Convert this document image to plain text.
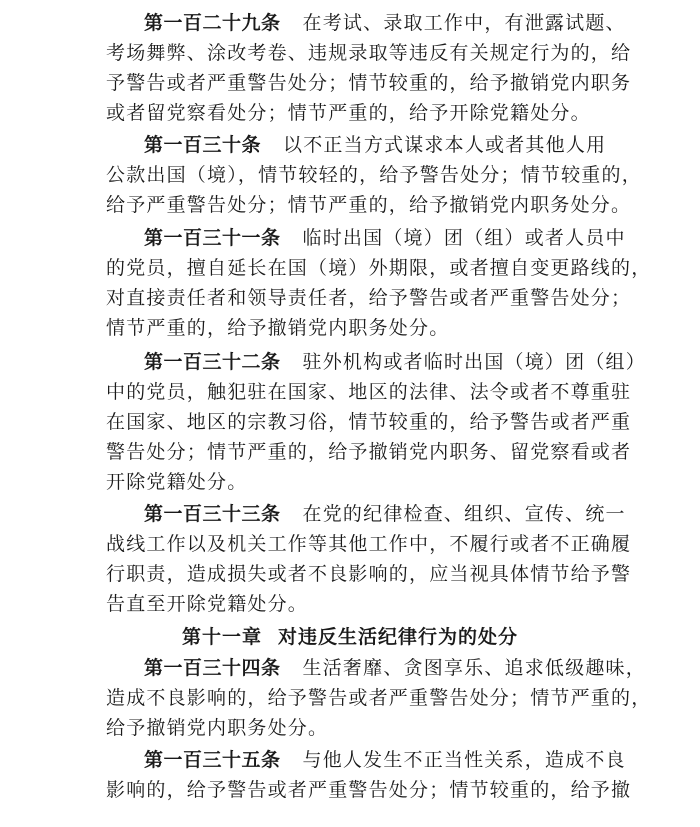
第一百二十九条 在考试、录取工作中，有泄露试题、
考场舞弊、涂改考卷、违规录取等违反有关规定行为的，给
予警告或者严重警告处分；情节较重的，给予撤销党内职务
或者留党察看处分；情节严重的，给予开除党籍处分。
第一百三十条 以不正当方式谋求本人或者其他人用
公款出国（境），情节较轻的，给予警告处分；情节较重的，
给予严重警告处分；情节严重的，给予撤销党内职务处分。
第一百三十一条 临时出国（境）团（组）或者人员中
的党员，擅自延长在国（境）外期限，或者擅自变更路线的，
对直接责任者和领导责任者，给予警告或者严重警告处分；
情节严重的，给予撤销党内职务处分。
第一百三十二条 驻外机构或者临时出国（境）团（组）
中的党员，触犯驻在国家、地区的法律、法令或者不尊重驻
在国家、地区的宗教习俗，情节较重的，给予警告或者严重
警告处分；情节严重的，给予撤销党内职务、留党察看或者
开除党籍处分。
第一百三十三条 在党的纪律检查、组织、宣传、统一
战线工作以及机关工作等其他工作中，不履行或者不正确履
行职责，造成损失或者不良影响的，应当视具体情节给予警
告直至开除党籍处分。
第十一章 对违反生活纪律行为的处分
第一百三十四条 生活奢靡、贪图享乐、追求低级趣味，
造成不良影响的，给予警告或者严重警告处分；情节严重的，
给予撤销党内职务处分。
第一百三十五条 与他人发生不正当性关系，造成不良
影响的，给予警告或者严重警告处分；情节较重的，给予撤
